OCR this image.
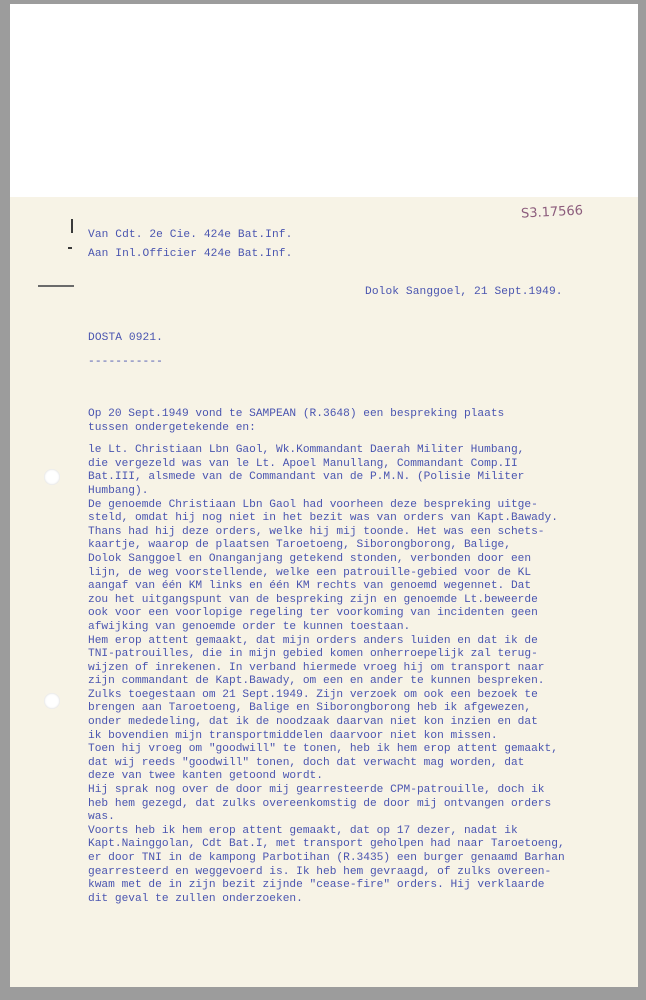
S3.17566
Van Cdt. 2e Cie. 424e Bat.Inf.
Aan Inl.Officier 424e Bat.Inf.
Dolok Sanggoel, 21 Sept.1949.
DOSTA 0921.
-----------
Op 20 Sept.1949 vond te SAMPEAN (R.3648) een bespreking plaats
tussen ondergetekende en:
le Lt. Christiaan Lbn Gaol, Wk.Kommandant Daerah Militer Humbang,
die vergezeld was van le Lt. Apoel Manullang, Commandant Comp.II
Bat.III, alsmede van de Commandant van de P.M.N. (Polisie Militer
Humbang).
De genoemde Christiaan Lbn Gaol had voorheen deze bespreking uitge-
steld, omdat hij nog niet in het bezit was van orders van Kapt.Bawady.
Thans had hij deze orders, welke hij mij toonde. Het was een schets-
kaartje, waarop de plaatsen Taroetoeng, Siborongborong, Balige,
Dolok Sanggoel en Onanganjang getekend stonden, verbonden door een
lijn, de weg voorstellende, welke een patrouille-gebied voor de KL
aangaf van één KM links en één KM rechts van genoemd wegennet. Dat
zou het uitgangspunt van de bespreking zijn en genoemde Lt.beweerde
ook voor een voorlopige regeling ter voorkoming van incidenten geen
afwijking van genoemde order te kunnen toestaan.
Hem erop attent gemaakt, dat mijn orders anders luiden en dat ik de
TNI-patrouilles, die in mijn gebied komen onherroepelijk zal terug-
wijzen of inrekenen. In verband hiermede vroeg hij om transport naar
zijn commandant de Kapt.Bawady, om een en ander te kunnen bespreken.
Zulks toegestaan om 21 Sept.1949. Zijn verzoek om ook een bezoek te
brengen aan Taroetoeng, Balige en Siborongborong heb ik afgewezen,
onder mededeling, dat ik de noodzaak daarvan niet kon inzien en dat
ik bovendien mijn transportmiddelen daarvoor niet kon missen.
Toen hij vroeg om "goodwill" te tonen, heb ik hem erop attent gemaakt,
dat wij reeds "goodwill" tonen, doch dat verwacht mag worden, dat
deze van twee kanten getoond wordt.
Hij sprak nog over de door mij gearresteerde CPM-patrouille, doch ik
heb hem gezegd, dat zulks overeenkomstig de door mij ontvangen orders
was.
Voorts heb ik hem erop attent gemaakt, dat op 17 dezer, nadat ik
Kapt.Nainggolan, Cdt Bat.I, met transport geholpen had naar Taroetoeng,
er door TNI in de kampong Parbotihan (R.3435) een burger genaamd Barhan
gearresteerd en weggevoerd is. Ik heb hem gevraagd, of zulks overeen-
kwam met de in zijn bezit zijnde "cease-fire" orders. Hij verklaarde
dit geval te zullen onderzoeken.
